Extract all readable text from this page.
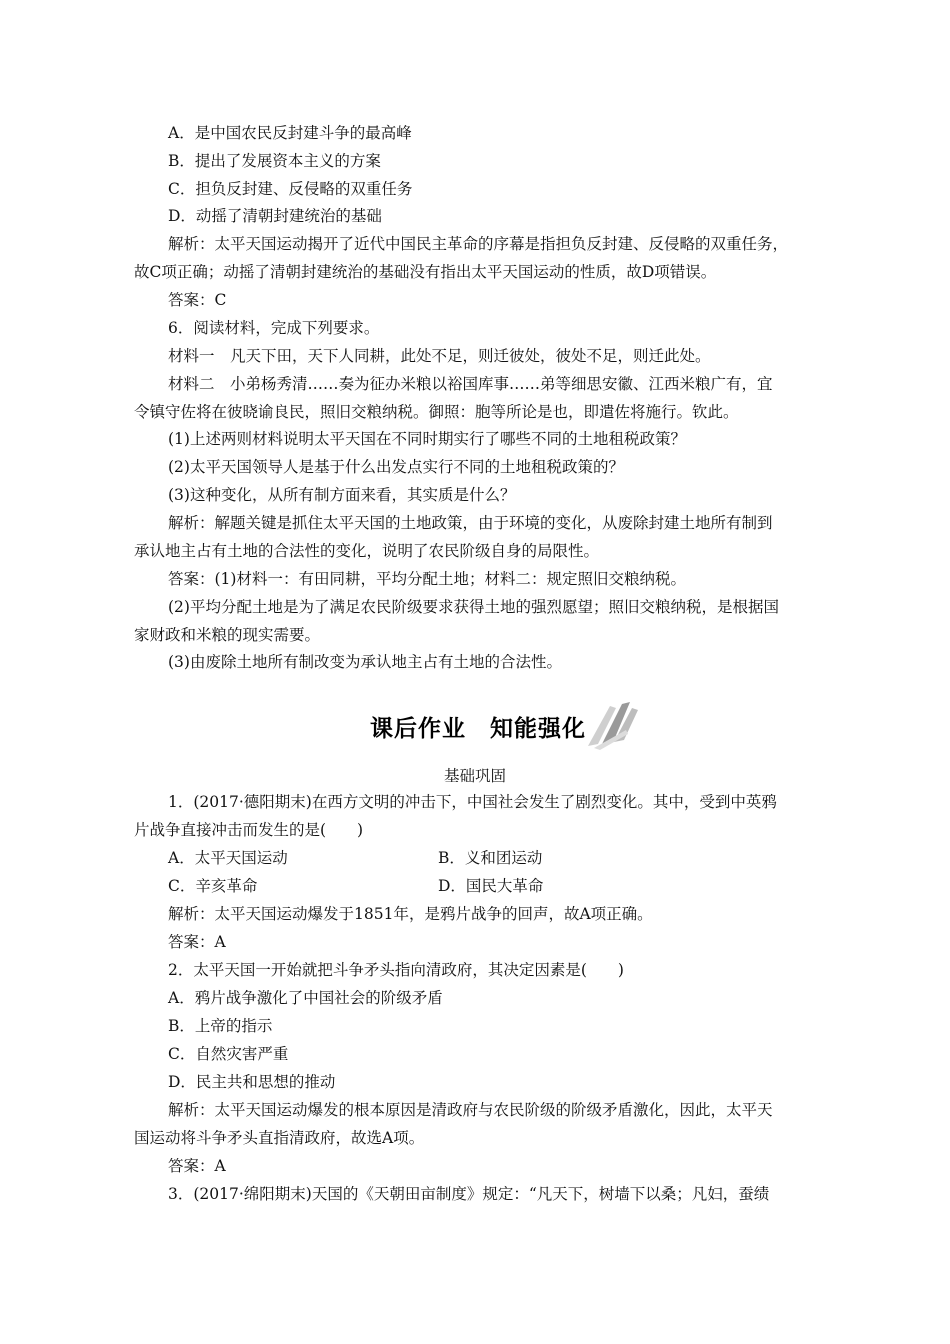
A．是中国农民反封建斗争的最高峰
B．提出了发展资本主义的方案
C．担负反封建、反侵略的双重任务
D．动摇了清朝封建统治的基础
解析：太平天国运动揭开了近代中国民主革命的序幕是指担负反封建、反侵略的双重任务，
故C项正确；动摇了清朝封建统治的基础没有指出太平天国运动的性质，故D项错误。
答案：C
6．阅读材料，完成下列要求。
材料一　凡天下田，天下人同耕，此处不足，则迁彼处，彼处不足，则迁此处。
材料二　小弟杨秀清……奏为征办米粮以裕国库事……弟等细思安徽、江西米粮广有，宜
令镇守佐将在彼晓谕良民，照旧交粮纳税。御照：胞等所论是也，即遣佐将施行。钦此。
(1)上述两则材料说明太平天国在不同时期实行了哪些不同的土地租税政策？
(2)太平天国领导人是基于什么出发点实行不同的土地租税政策的？
(3)这种变化，从所有制方面来看，其实质是什么？
解析：解题关键是抓住太平天国的土地政策，由于环境的变化，从废除封建土地所有制到
承认地主占有土地的合法性的变化，说明了农民阶级自身的局限性。
答案：(1)材料一：有田同耕，平均分配土地；材料二：规定照旧交粮纳税。
(2)平均分配土地是为了满足农民阶级要求获得土地的强烈愿望；照旧交粮纳税，是根据国
家财政和米粮的现实需要。
(3)由废除土地所有制改变为承认地主占有土地的合法性。
课后作业　知能强化
基础巩固
1．(2017·德阳期末)在西方文明的冲击下，中国社会发生了剧烈变化。其中，受到中英鸦
片战争直接冲击而发生的是(　　)
A．太平天国运动	B．义和团运动
C．辛亥革命	D．国民大革命
解析：太平天国运动爆发于1851年，是鸦片战争的回声，故A项正确。
答案：A
2．太平天国一开始就把斗争矛头指向清政府，其决定因素是(　　)
A．鸦片战争激化了中国社会的阶级矛盾
B．上帝的指示
C．自然灾害严重
D．民主共和思想的推动
解析：太平天国运动爆发的根本原因是清政府与农民阶级的阶级矛盾激化，因此，太平天
国运动将斗争矛头直指清政府，故选A项。
答案：A
3．(2017·绵阳期末)天国的《天朝田亩制度》规定：“凡天下，树墙下以桑；凡妇，蚕绩
